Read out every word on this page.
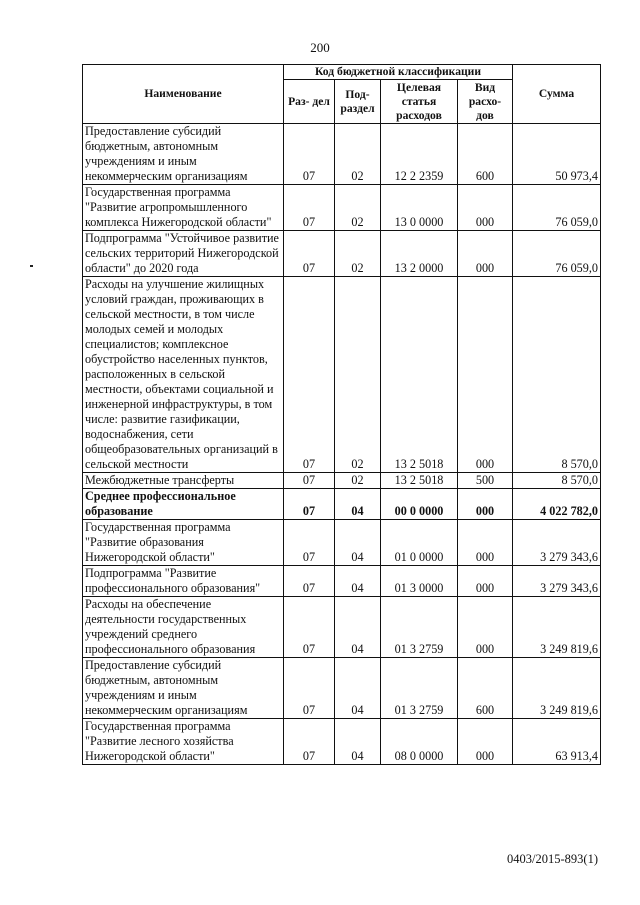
200
Наименование	Код бюджетной классификации				Сумма
	Раз- дел	Под- раздел	Целевая статья расходов	Вид расхо- дов	
Предоставление субсидий бюджетным, автономным учреждениям и иным некоммерческим организациям	07	02	12 2 2359	600	50 973,4
Государственная программа "Развитие агропромышленного комплекса Нижегородской области"	07	02	13 0 0000	000	76 059,0
Подпрограмма "Устойчивое развитие сельских территорий Нижегородской области" до 2020 года	07	02	13 2 0000	000	76 059,0
Расходы на улучшение жилищных условий граждан, проживающих в сельской местности, в том числе молодых семей и молодых специалистов; комплексное обустройство населенных пунктов, расположенных в сельской местности, объектами социальной и инженерной инфраструктуры, в том числе: развитие газификации, водоснабжения, сети общеобразовательных организаций в сельской местности	07	02	13 2 5018	000	8 570,0
Межбюджетные трансферты	07	02	13 2 5018	500	8 570,0
Среднее профессиональное образование	07	04	00 0 0000	000	4 022 782,0
Государственная программа "Развитие образования Нижегородской области"	07	04	01 0 0000	000	3 279 343,6
Подпрограмма "Развитие профессионального образования"	07	04	01 3 0000	000	3 279 343,6
Расходы на обеспечение деятельности государственных учреждений среднего профессионального образования	07	04	01 3 2759	000	3 249 819,6
Предоставление субсидий бюджетным, автономным учреждениям и иным некоммерческим организациям	07	04	01 3 2759	600	3 249 819,6
Государственная программа "Развитие лесного хозяйства Нижегородской области"	07	04	08 0 0000	000	63 913,4
0403/2015-893(1)
